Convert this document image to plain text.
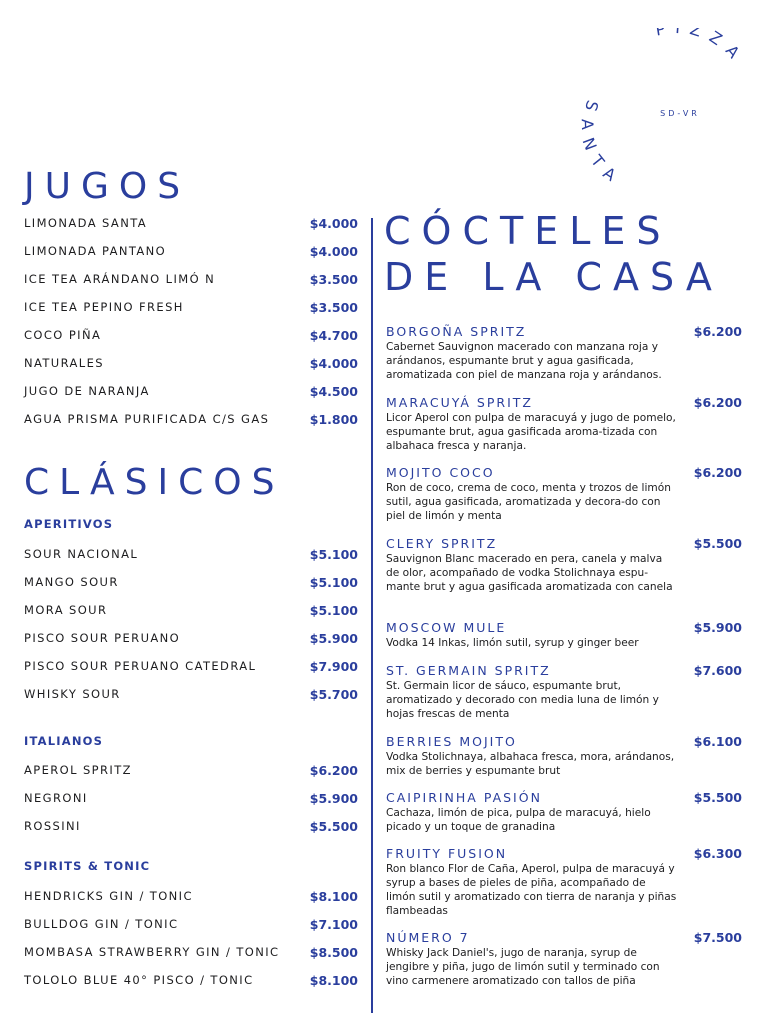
P ZZA
SANTA
SD-VR
JUGOS
LIMONADA SANTA	$4.000
LIMONADA PANTANO	$4.000
ICE TEA ARÁNDANO LIMÓ N	$3.500
ICE TEA PEPINO FRESH	$3.500
COCO PIÑA	$4.700
NATURALES	$4.000
JUGO DE NARANJA	$4.500
AGUA PRISMA PURIFICADA C/S GAS	$1.800
CLÁSICOS
APERITIVOS
SOUR NACIONAL	$5.100
MANGO SOUR	$5.100
MORA SOUR	$5.100
PISCO SOUR PERUANO	$5.900
PISCO SOUR PERUANO CATEDRAL	$7.900
WHISKY SOUR	$5.700
ITALIANOS
APEROL SPRITZ	$6.200
NEGRONI	$5.900
ROSSINI	$5.500
SPIRITS & TONIC
HENDRICKS GIN / TONIC	$8.100
BULLDOG GIN / TONIC	$7.100
MOMBASA STRAWBERRY GIN / TONIC $8.500
TOLOLO BLUE 40° PISCO / TONIC	$8.100
CÓCTELES
DE LA CASA
BORGOÑA SPRITZ	$6.200
Cabernet Sauvignon macerado con manzana roja y arándanos, espumante brut y agua gasificada, aromatizada con piel de manzana roja y arándanos.
MARACUYÁ SPRITZ	$6.200
Licor Aperol con pulpa de maracuyá y jugo de pomelo, espumante brut, agua gasificada aroma-tizada con albahaca fresca y naranja.
MOJITO COCO	$6.200
Ron de coco, crema de coco, menta y trozos de limón sutil, agua gasificada, aromatizada y decora-do con piel de limón y menta
CLERY SPRITZ	$5.500
Sauvignon Blanc macerado en pera, canela y malva de olor, acompañado de vodka Stolichnaya espu-mante brut y agua gasificada aromatizada con canela
MOSCOW MULE	$5.900
Vodka 14 Inkas, limón sutil, syrup y ginger beer
ST. GERMAIN SPRITZ	$7.600
St. Germain licor de sáuco, espumante brut, aromatizado y decorado con media luna de limón y hojas frescas de menta
BERRIES MOJITO	$6.100
Vodka Stolichnaya, albahaca fresca, mora, arándanos, mix de berries y espumante brut
CAIPIRINHA PASIÓN	$5.500
Cachaza, limón de pica, pulpa de maracuyá, hielo picado y un toque de granadina
FRUITY FUSION	$6.300
Ron blanco Flor de Caña, Aperol, pulpa de maracuyá y syrup a bases de pieles de piña, acompañado de limón sutil y aromatizado con tierra de naranja y piñas flambeadas
NÚMERO 7	$7.500
Whisky Jack Daniel's, jugo de naranja, syrup de jengibre y piña, jugo de limón sutil y terminado con vino carmenere aromatizado con tallos de piña
